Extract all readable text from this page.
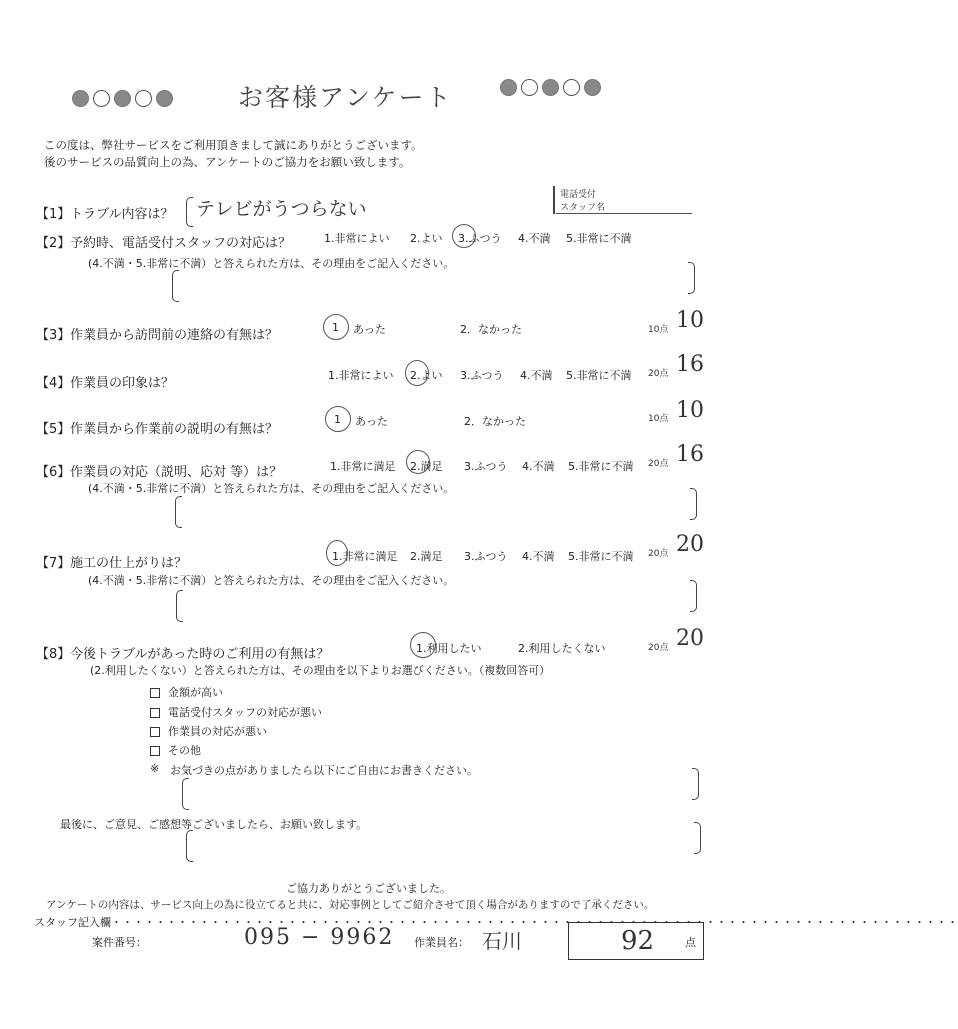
お客様アンケート
この度は、弊社サービスをご利用頂きまして誠にありがとうございます。
後のサービスの品質向上の為、アンケートのご協力をお願い致します。
電話受付
スタッフ名
【1】 トラブル内容は？ テレビがうつらない
【2】 予約時、電話受付スタッフの対応は？	1.非常によい 2.よい 3.ふつう 4.不満 5.非常に不満
(4.不満・5.非常に不満）と答えられた方は、その理由をご記入ください。
【3】 作業員から訪問前の連絡の有無は？
1 あった	2．なかった	10点 10
【4】 作業員の印象は？
1.非常によい 2.よい 3.ふつう 4.不満 5.非常に不満 20点 16
【5】 作業員から作業前の説明の有無は？
1 あった	2．なかった	10点 10
【6】 作業員の対応（説明、応対 等）は？	1.非常に満足 2.満足 3.ふつう 4.不満 5.非常に不満 20点 16
(4.不満・5.非常に不満）と答えられた方は、その理由をご記入ください。
【7】 施工の仕上がりは？	1.非常に満足 2.満足 3.ふつう 4.不満 5.非常に不満 20点 20
(4.不満・5.非常に不満）と答えられた方は、その理由をご記入ください。
【8】 今後トラブルがあった時のご利用の有無は？	1.利用したい	2.利用したくない	20点 20
(2.利用したくない）と答えられた方は、その理由を以下よりお選びください。（複数回答可）
金額が高い
電話受付スタッフの対応が悪い
作業員の対応が悪い
その他
※ お気づきの点がありましたら以下にご自由にお書きください。
最後に、ご意見、ご感想等ございましたら、お願い致します。
ご協力ありがとうございました。
アンケートの内容は、サービス向上の為に役立てると共に、対応事例としてご紹介させて頂く場合がありますので了承ください。
スタッフ記入欄・・・・・・・・・・・・・・・・・・・・・・・・・・・・・・・・・・・・・・・・・・・・・・・・・・・・・・・・・・・・・・・・・・・・・・・・・・・・・
案件番号：	095 − 9962 作業員名： 石川	92	点
